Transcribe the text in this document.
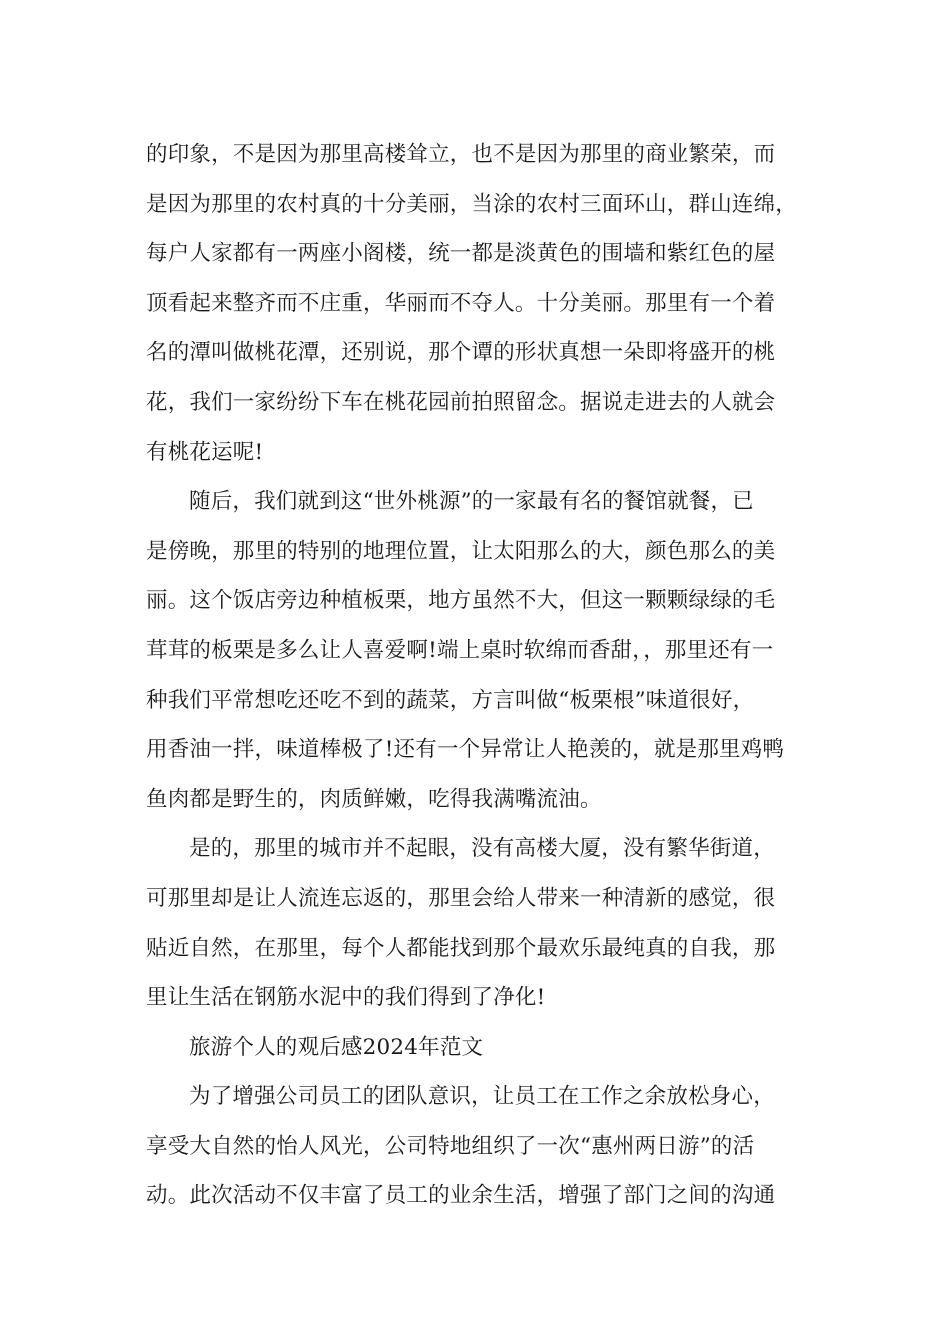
的印象，不是因为那里高楼耸立，也不是因为那里的商业繁荣，而
是因为那里的农村真的十分美丽，当涂的农村三面环山，群山连绵，
每户人家都有一两座小阁楼，统一都是淡黄色的围墙和紫红色的屋
顶看起来整齐而不庄重，华丽而不夺人。十分美丽。那里有一个着
名的潭叫做桃花潭，还别说，那个谭的形状真想一朵即将盛开的桃
花，我们一家纷纷下车在桃花园前拍照留念。据说走进去的人就会
有桃花运呢!
随后，我们就到这“世外桃源”的一家最有名的餐馆就餐，已
是傍晚，那里的特别的地理位置，让太阳那么的大，颜色那么的美
丽。这个饭店旁边种植板栗，地方虽然不大，但这一颗颗绿绿的毛
茸茸的板栗是多么让人喜爱啊!端上桌时软绵而香甜，，那里还有一
种我们平常想吃还吃不到的蔬菜，方言叫做“板栗根”味道很好，
用香油一拌，味道棒极了!还有一个异常让人艳羡的，就是那里鸡鸭
鱼肉都是野生的，肉质鲜嫩，吃得我满嘴流油。
是的，那里的城市并不起眼，没有高楼大厦，没有繁华街道，
可那里却是让人流连忘返的，那里会给人带来一种清新的感觉，很
贴近自然，在那里，每个人都能找到那个最欢乐最纯真的自我，那
里让生活在钢筋水泥中的我们得到了净化!
旅游个人的观后感2024年范文
为了增强公司员工的团队意识，让员工在工作之余放松身心，
享受大自然的怡人风光，公司特地组织了一次“惠州两日游”的活
动。此次活动不仅丰富了员工的业余生活，增强了部门之间的沟通
